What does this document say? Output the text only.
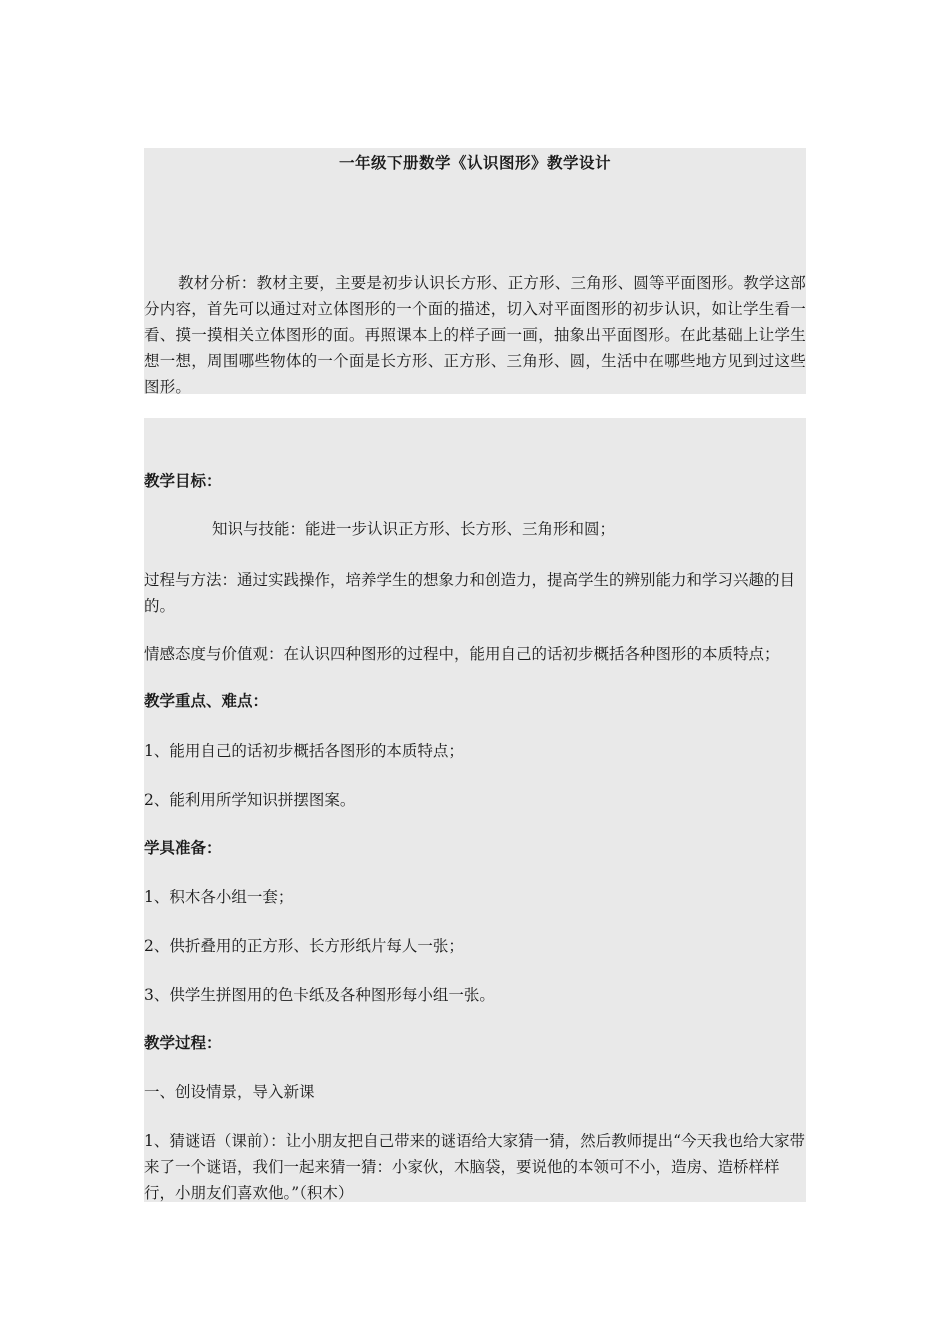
一年级下册数学《认识图形》教学设计

教材分析：教材主要，主要是初步认识长方形、正方形、三角形、圆等平面图形。教学这部分内容，首先可以通过对立体图形的一个面的描述，切入对平面图形的初步认识，如让学生看一看、摸一摸相关立体图形的面。再照课本上的样子画一画，抽象出平面图形。在此基础上让学生想一想，周围哪些物体的一个面是长方形、正方形、三角形、圆，生活中在哪些地方见到过这些图形。

教学目标：

知识与技能：能进一步认识正方形、长方形、三角形和圆；

过程与方法：通过实践操作，培养学生的想象力和创造力，提高学生的辨别能力和学习兴趣的目的。

情感态度与价值观：在认识四种图形的过程中，能用自己的话初步概括各种图形的本质特点；

教学重点、难点：

1、能用自己的话初步概括各图形的本质特点；

2、能利用所学知识拼摆图案。

学具准备：

1、积木各小组一套；

2、供折叠用的正方形、长方形纸片每人一张；

3、供学生拼图用的色卡纸及各种图形每小组一张。

教学过程：

一、创设情景，导入新课

1、猜谜语（课前）：让小朋友把自己带来的谜语给大家猜一猜，然后教师提出“今天我也给大家带来了一个谜语，我们一起来猜一猜：小家伙，木脑袋，要说他的本领可不小，造房、造桥样样行，小朋友们喜欢他。”（积木）
